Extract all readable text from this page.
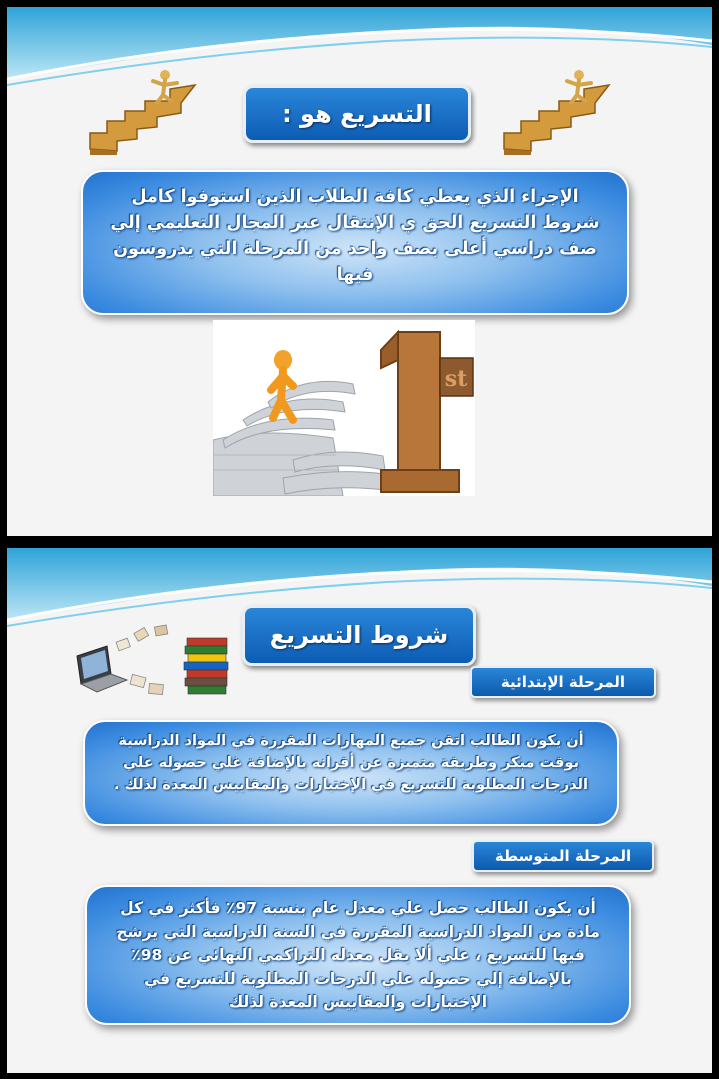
التسريع هو :
الإجراء الذي يعطي كافة الطلاب الذين استوفوا كامل شروط التسريع الحق ي الإنتقال عبر المجال التعليمي إلي صف دراسي أعلى بصف واحد من المرحلة التي يدروسون فيها
st
شروط التسريع
المرحلة الإبتدائية
أن يكون الطالب اتقن جميع المهارات المقررة في المواد الدراسية بوقت مبكر وطريقة متميزة عن أقرانه بالإضافة غلي حصوله علي الدرجات المطلوبة للتسريع في الإختبارات والمقاييس المعدة لذلك .
المرحلة المتوسطة
أن يكون الطالب حصل علي معدل عام بنسبة 97٪ فأكثر في كل مادة من المواد الدراسية المقررة في السنة الدراسية التي يرشح فيها للتسريع ، علي ألا يقل معدله التراكمي النهائي عن 98٪ بالإضافة إلي حصوله علي الدرجات المطلوبة للتسريع في الإختبارات والمقاييس المعدة لذلك
